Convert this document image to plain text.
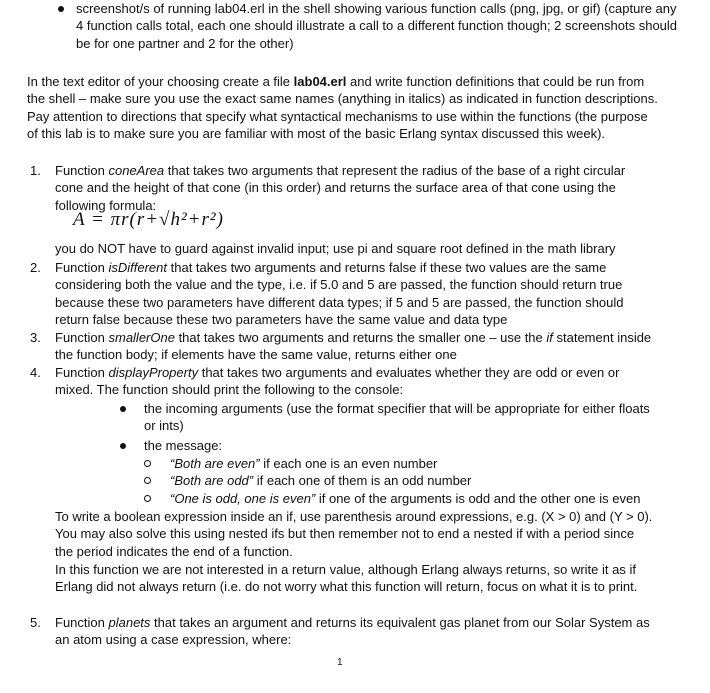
screenshot/s of running lab04.erl in the shell showing various function calls (png, jpg, or gif) (capture any 4 function calls total, each one should illustrate a call to a different function though; 2 screenshots should be for one partner and 2 for the other)
In the text editor of your choosing create a file lab04.erl and write function definitions that could be run from the shell – make sure you use the exact same names (anything in italics) as indicated in function descriptions. Pay attention to directions that specify what syntactical mechanisms to use within the functions (the purpose of this lab is to make sure you are familiar with most of the basic Erlang syntax discussed this week).
1. Function coneArea that takes two arguments that represent the radius of the base of a right circular cone and the height of that cone (in this order) and returns the surface area of that cone using the following formula:
A = πr(r+√h²+r²)
you do NOT have to guard against invalid input; use pi and square root defined in the math library
2. Function isDifferent that takes two arguments and returns false if these two values are the same considering both the value and the type, i.e. if 5.0 and 5 are passed, the function should return true because these two parameters have different data types; if 5 and 5 are passed, the function should return false because these two parameters have the same value and data type
3. Function smallerOne that takes two arguments and returns the smaller one – use the if statement inside the function body; if elements have the same value, returns either one
4. Function displayProperty that takes two arguments and evaluates whether they are odd or even or mixed. The function should print the following to the console:
the incoming arguments (use the format specifier that will be appropriate for either floats or ints)
the message:
“Both are even” if each one is an even number
“Both are odd” if each one of them is an odd number
“One is odd, one is even” if one of the arguments is odd and the other one is even
To write a boolean expression inside an if, use parenthesis around expressions, e.g. (X > 0) and (Y > 0). You may also solve this using nested ifs but then remember not to end a nested if with a period since the period indicates the end of a function.
In this function we are not interested in a return value, although Erlang always returns, so write it as if Erlang did not always return (i.e. do not worry what this function will return, focus on what it is to print.
5. Function planets that takes an argument and returns its equivalent gas planet from our Solar System as an atom using a case expression, where:
1
